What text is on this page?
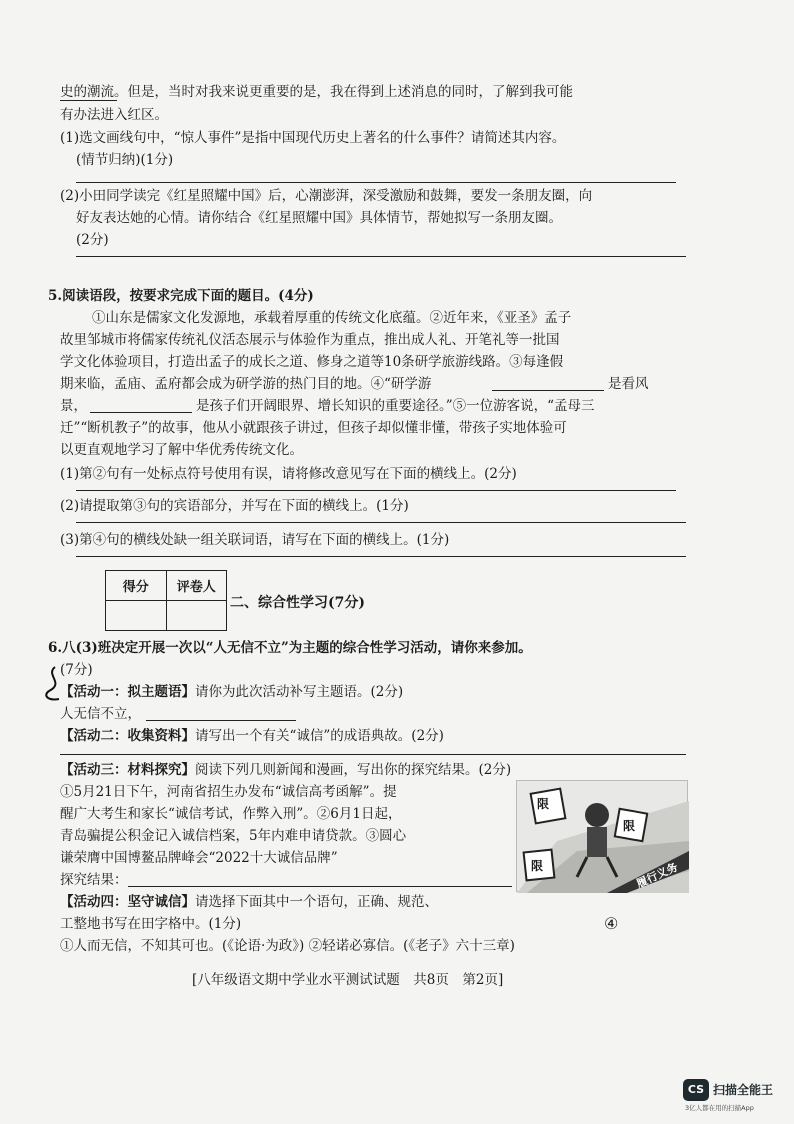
史的潮流。但是，当时对我来说更重要的是，我在得到上述消息的同时，了解到我可能
有办法进入红区。
(1)选文画线句中，“惊人事件”是指中国现代历史上著名的什么事件？请简述其内容。
(情节归纳)(1分)
(2)小田同学读完《红星照耀中国》后，心潮澎湃，深受激励和鼓舞，要发一条朋友圈，向
好友表达她的心情。请你结合《红星照耀中国》具体情节，帮她拟写一条朋友圈。
(2分)
5.阅读语段，按要求完成下面的题目。(4分)
①山东是儒家文化发源地，承载着厚重的传统文化底蕴。②近年来，《亚圣》孟子
故里邹城市将儒家传统礼仪活态展示与体验作为重点，推出成人礼、开笔礼等一批国
学文化体验项目，打造出孟子的成长之道、修身之道等10条研学旅游线路。③每逢假
期来临，孟庙、孟府都会成为研学游的热门目的地。④“研学游	是看风
景，	是孩子们开阔眼界、增长知识的重要途径。”⑤一位游客说，“孟母三
迁”“断机教子”的故事，他从小就跟孩子讲过，但孩子却似懂非懂，带孩子实地体验可
以更直观地学习了解中华优秀传统文化。
(1)第②句有一处标点符号使用有误，请将修改意见写在下面的横线上。(2分)
(2)请提取第③句的宾语部分，并写在下面的横线上。(1分)
(3)第④句的横线处缺一组关联词语，请写在下面的横线上。(1分)
得分	评卷人

二、综合性学习(7分)
6.八(3)班决定开展一次以“人无信不立”为主题的综合性学习活动，请你来参加。
(7分)
【活动一：拟主题语】请你为此次活动补写主题语。(2分)
人无信不立，
【活动二：收集资料】请写出一个有关“诚信”的成语典故。(2分)
【活动三：材料探究】阅读下列几则新闻和漫画，写出你的探究结果。(2分)
①5月21日下午，河南省招生办发布“诚信高考函解”。提
醒广大考生和家长“诚信考试，作弊入刑”。②6月1日起，
青岛骗提公积金记入诚信档案，5年内难申请贷款。③圆心
谦荣膺中国博鳌品牌峰会“2022十大诚信品牌”
探究结果：
【活动四：坚守诚信】请选择下面其中一个语句，正确、规范、
工整地书写在田字格中。(1分)	④
①人而无信，不知其可也。(《论语·为政》) ②轻诺必寡信。(《老子》六十三章)
限
限
限	履行义务
[八年级语文期中学业水平测试试题　共8页　第2页]
CS 扫描全能王
3亿人都在用的扫描App
